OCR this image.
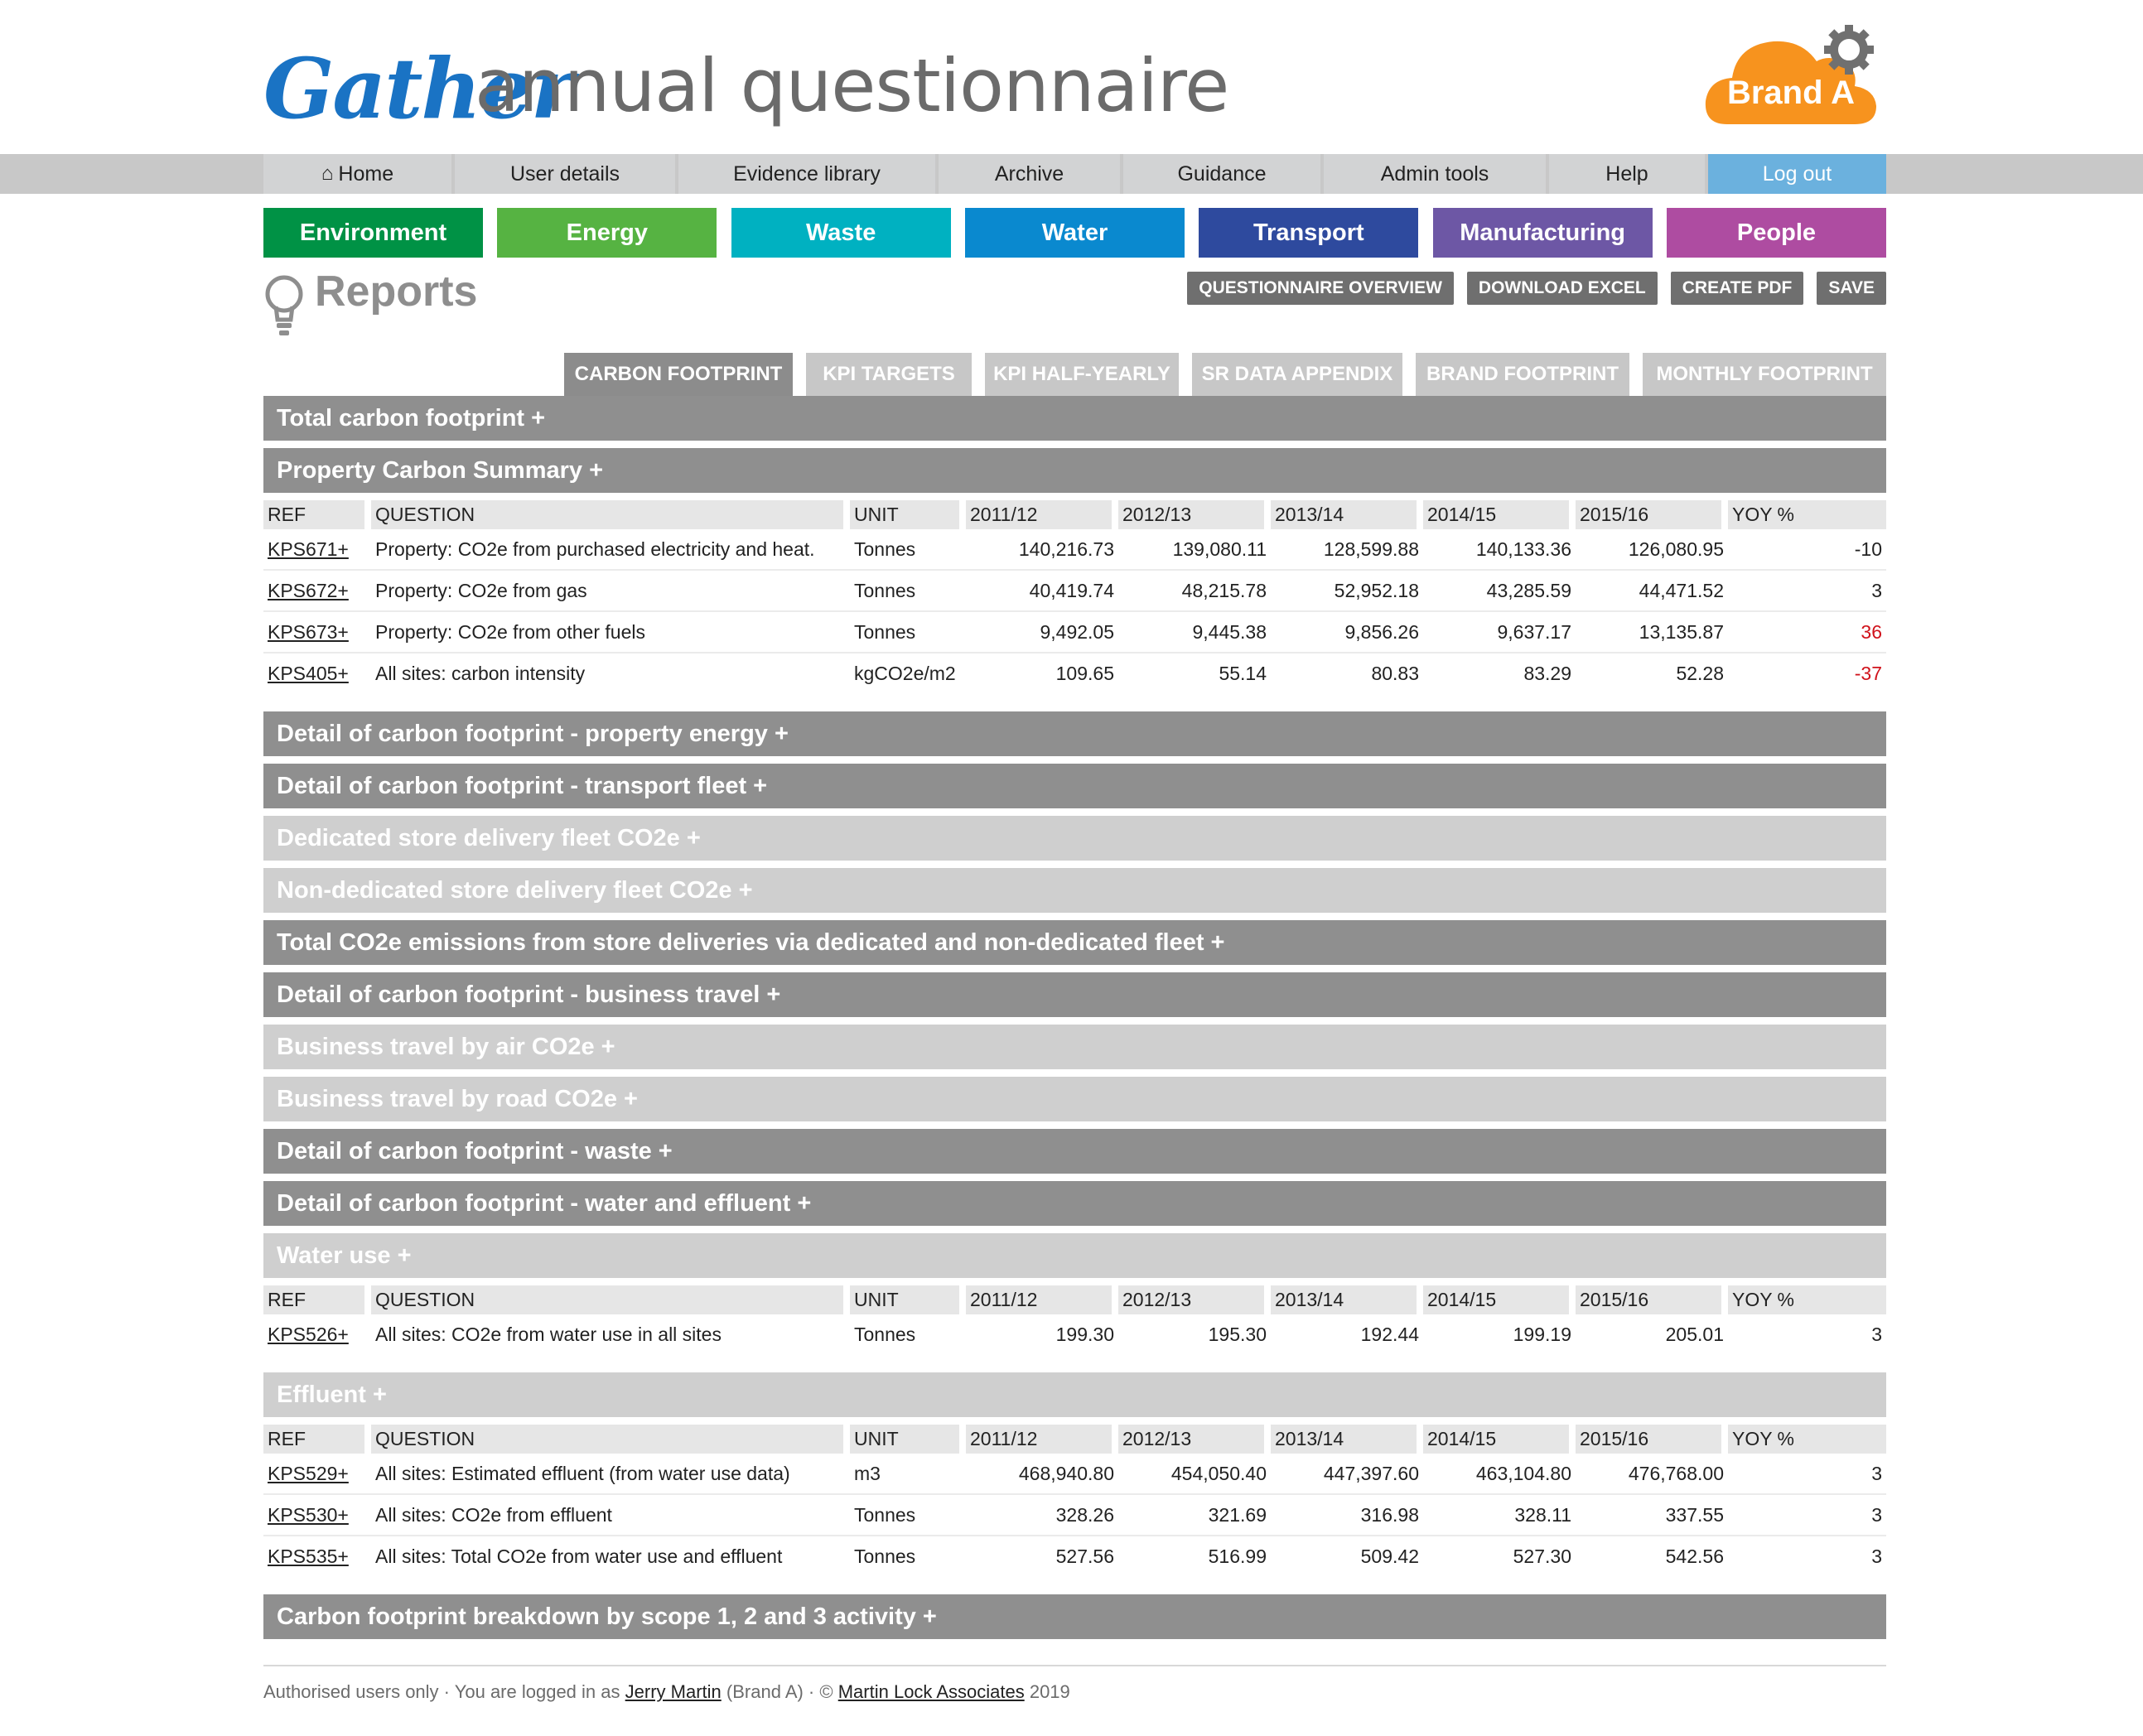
Gather
annual questionnaire	Brand A
⌂ Home	User details	Evidence library	Archive	Guidance	Admin tools	Help	Log out
Environment	Energy	Waste	Water	Transport	Manufacturing	People
Reports	QUESTIONNAIRE OVERVIEW	DOWNLOAD EXCEL	CREATE PDF	SAVE
CARBON FOOTPRINT	KPI TARGETS	KPI HALF-YEARLY	SR DATA APPENDIX	BRAND FOOTPRINT	MONTHLY FOOTPRINT
Total carbon footprint +
Property Carbon Summary +
REF	QUESTION	UNIT	2011/12	2012/13	2013/14	2014/15	2015/16	YOY %
KPS671+	Property: CO2e from purchased electricity and heat.	Tonnes	140,216.73	139,080.11	128,599.88	140,133.36	126,080.95	-10
KPS672+	Property: CO2e from gas	Tonnes	40,419.74	48,215.78	52,952.18	43,285.59	44,471.52	3
KPS673+	Property: CO2e from other fuels	Tonnes	9,492.05	9,445.38	9,856.26	9,637.17	13,135.87	36
KPS405+	All sites: carbon intensity	kgCO2e/m2	109.65	55.14	80.83	83.29	52.28	-37
Detail of carbon footprint - property energy +
Detail of carbon footprint - transport fleet +
Dedicated store delivery fleet CO2e +
Non-dedicated store delivery fleet CO2e +
Total CO2e emissions from store deliveries via dedicated and non-dedicated fleet +
Detail of carbon footprint - business travel +
Business travel by air CO2e +
Business travel by road CO2e +
Detail of carbon footprint - waste +
Detail of carbon footprint - water and effluent +
Water use +
REF	QUESTION	UNIT	2011/12	2012/13	2013/14	2014/15	2015/16	YOY %
KPS526+	All sites: CO2e from water use in all sites	Tonnes	199.30	195.30	192.44	199.19	205.01	3
Effluent +
REF	QUESTION	UNIT	2011/12	2012/13	2013/14	2014/15	2015/16	YOY %
KPS529+	All sites: Estimated effluent (from water use data)	m3	468,940.80	454,050.40	447,397.60	463,104.80	476,768.00	3
KPS530+	All sites: CO2e from effluent	Tonnes	328.26	321.69	316.98	328.11	337.55	3
KPS535+	All sites: Total CO2e from water use and effluent	Tonnes	527.56	516.99	509.42	527.30	542.56	3
Carbon footprint breakdown by scope 1, 2 and 3 activity +
Authorised users only · You are logged in as Jerry Martin (Brand A) · © Martin Lock Associates 2019
